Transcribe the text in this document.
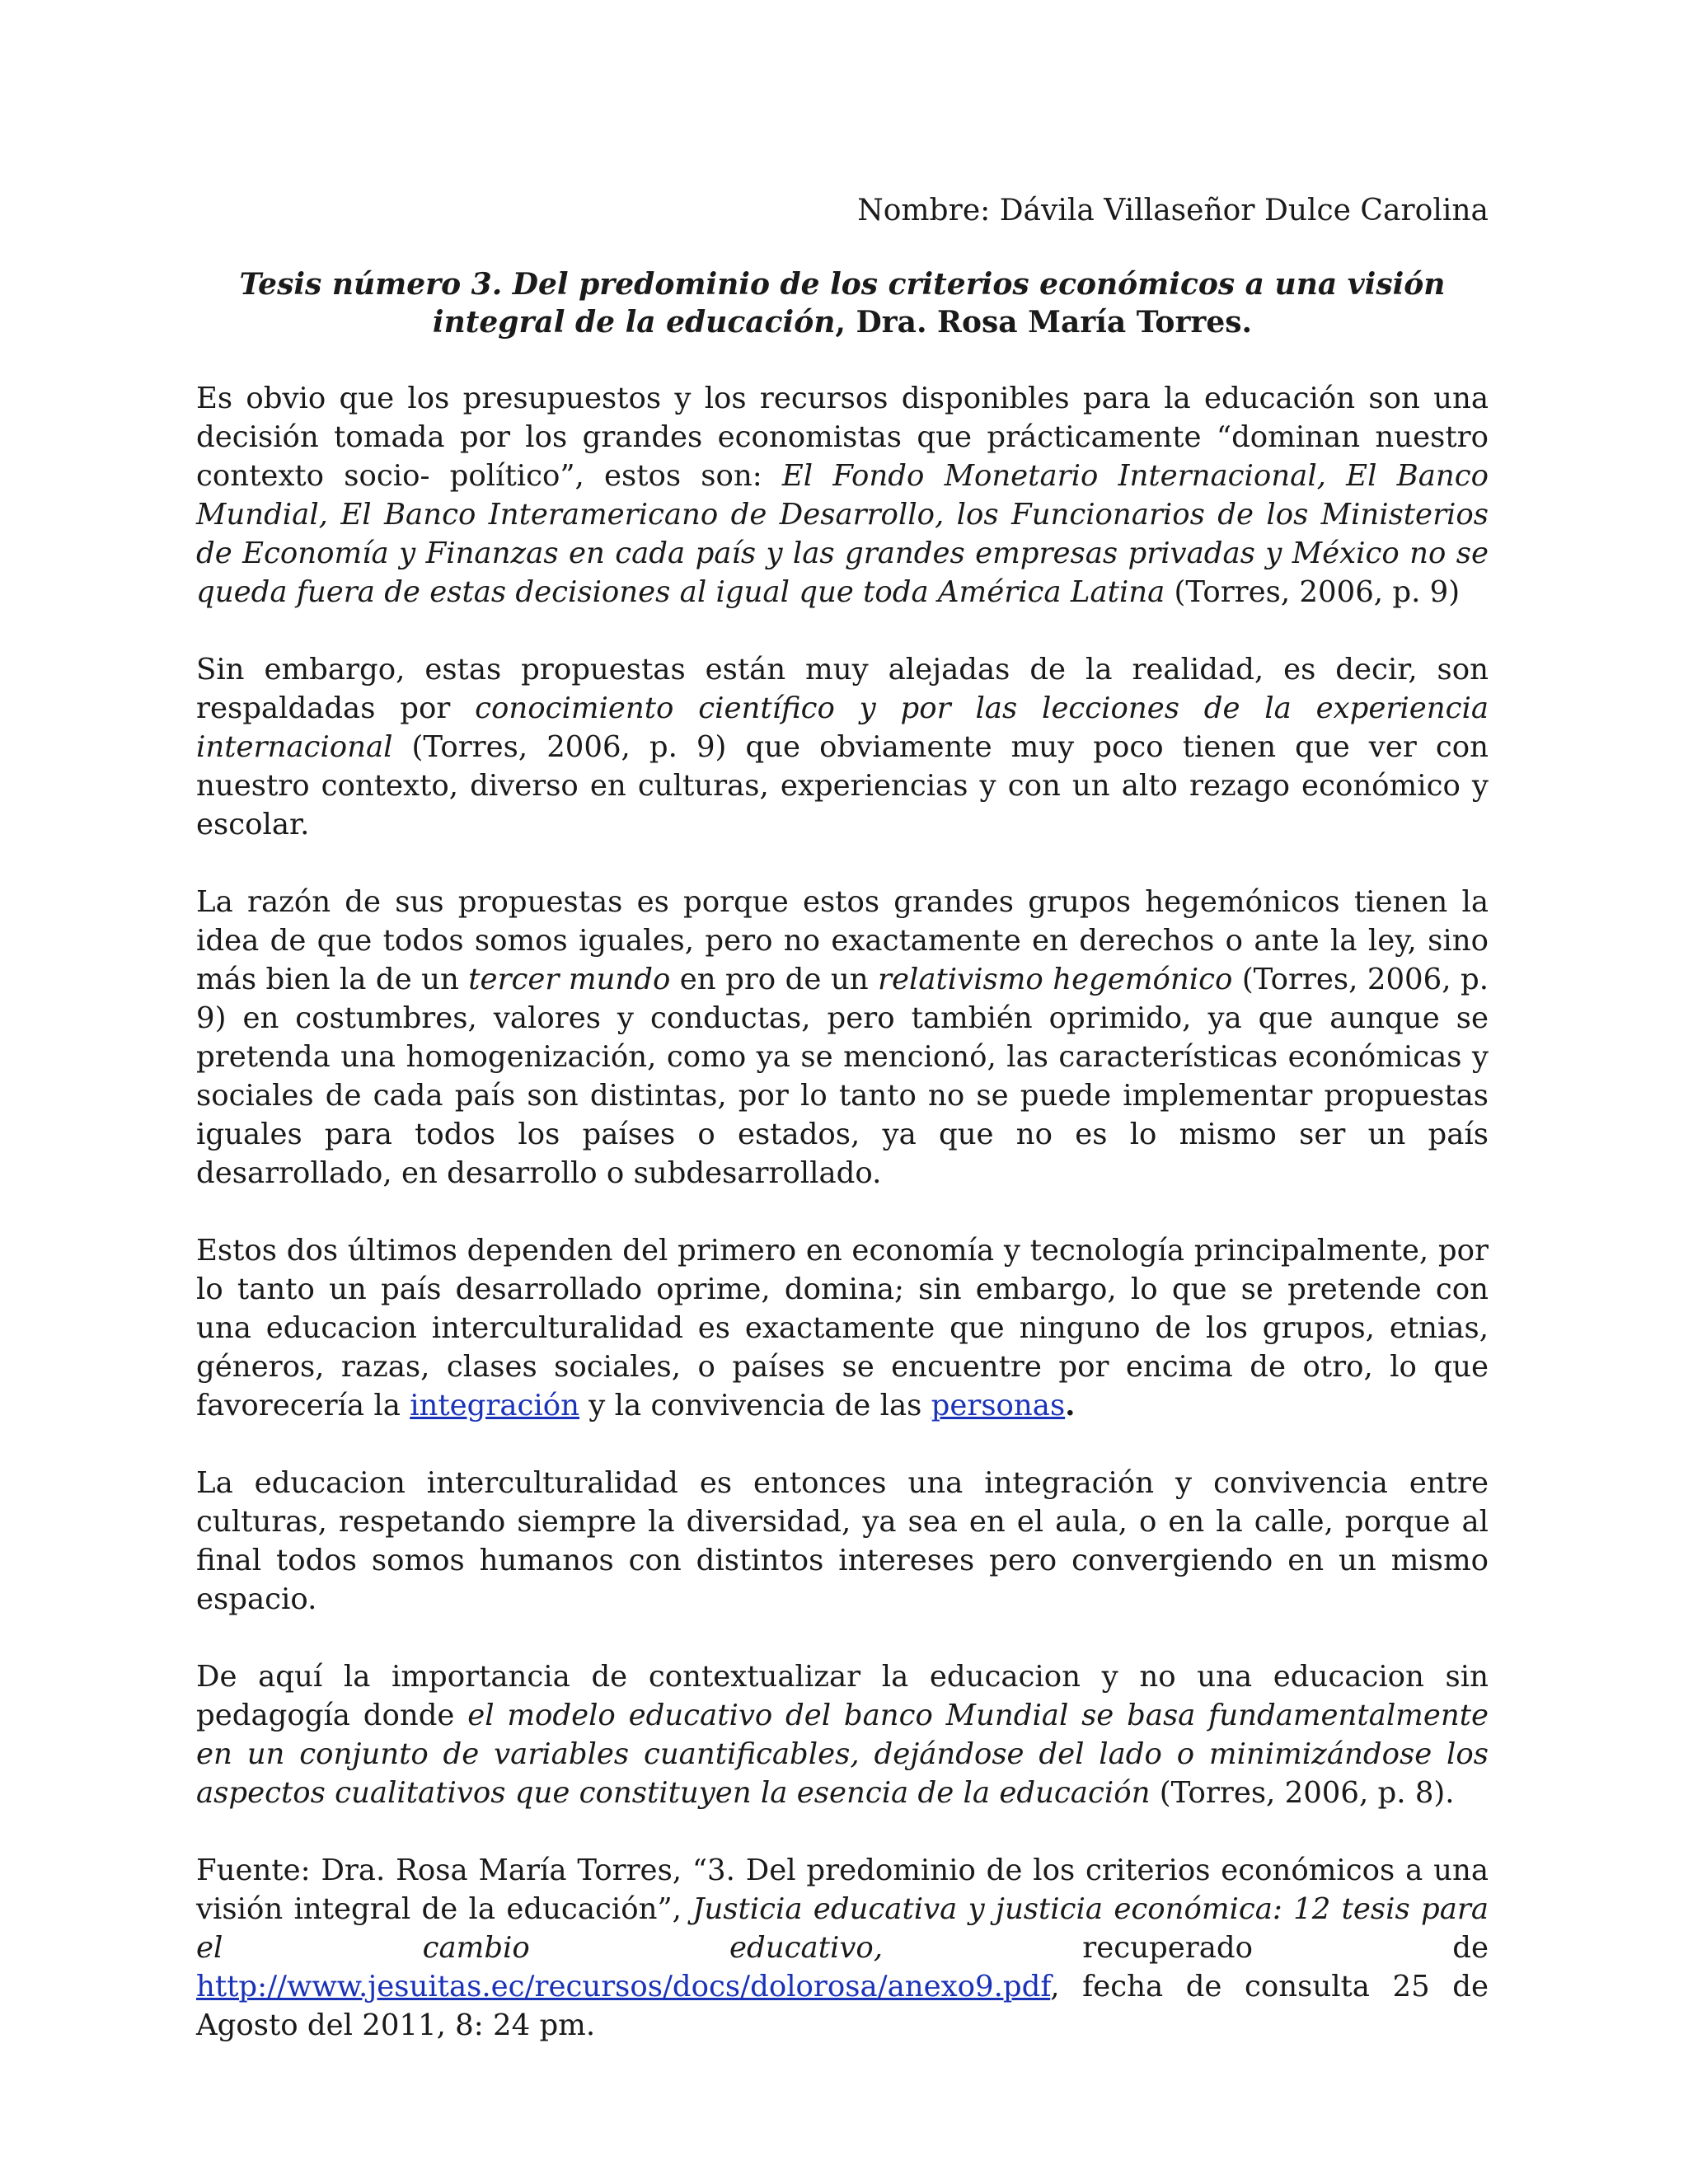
Nombre: Dávila Villaseñor Dulce Carolina
Tesis número 3. Del predominio de los criterios económicos a una visión integral de la educación, Dra. Rosa María Torres.

Es obvio que los presupuestos y los recursos disponibles para la educación son una decisión tomada por los grandes economistas que prácticamente “dominan nuestro contexto socio- político”, estos son: El Fondo Monetario Internacional, El Banco Mundial, El Banco Interamericano de Desarrollo, los Funcionarios de los Ministerios de Economía y Finanzas en cada país y las grandes empresas privadas y México no se queda fuera de estas decisiones al igual que toda América Latina (Torres, 2006, p. 9)

Sin embargo, estas propuestas están muy alejadas de la realidad, es decir, son respaldadas por conocimiento científico y por las lecciones de la experiencia internacional (Torres, 2006, p. 9) que obviamente muy poco tienen que ver con nuestro contexto, diverso en culturas, experiencias y con un alto rezago económico y escolar.

La razón de sus propuestas es porque estos grandes grupos hegemónicos tienen la idea de que todos somos iguales, pero no exactamente en derechos o ante la ley, sino más bien la de un tercer mundo en pro de un relativismo hegemónico (Torres, 2006, p. 9) en costumbres, valores y conductas, pero también oprimido, ya que aunque se pretenda una homogenización, como ya se mencionó, las características económicas y sociales de cada país son distintas, por lo tanto no se puede implementar propuestas iguales para todos los países o estados, ya que no es lo mismo ser un país desarrollado, en desarrollo o subdesarrollado.

Estos dos últimos dependen del primero en economía y tecnología principalmente, por lo tanto un país desarrollado oprime, domina; sin embargo, lo que se pretende con una educacion interculturalidad es exactamente que ninguno de los grupos, etnias, géneros, razas, clases sociales, o países se encuentre por encima de otro, lo que favorecería la integración y la convivencia de las personas.

La educacion interculturalidad es entonces una integración y convivencia entre culturas, respetando siempre la diversidad, ya sea en el aula, o en la calle, porque al final todos somos humanos con distintos intereses pero convergiendo en un mismo espacio.

De aquí la importancia de contextualizar la educacion y no una educacion sin pedagogía donde el modelo educativo del banco Mundial se basa fundamentalmente en un conjunto de variables cuantificables, dejándose del lado o minimizándose los aspectos cualitativos que constituyen la esencia de la educación (Torres, 2006, p. 8).

Fuente: Dra. Rosa María Torres, “3. Del predominio de los criterios económicos a una visión integral de la educación”, Justicia educativa y justicia económica: 12 tesis para el cambio educativo, recuperado de http://www.jesuitas.ec/recursos/docs/dolorosa/anexo9.pdf, fecha de consulta 25 de Agosto del 2011, 8: 24 pm.
